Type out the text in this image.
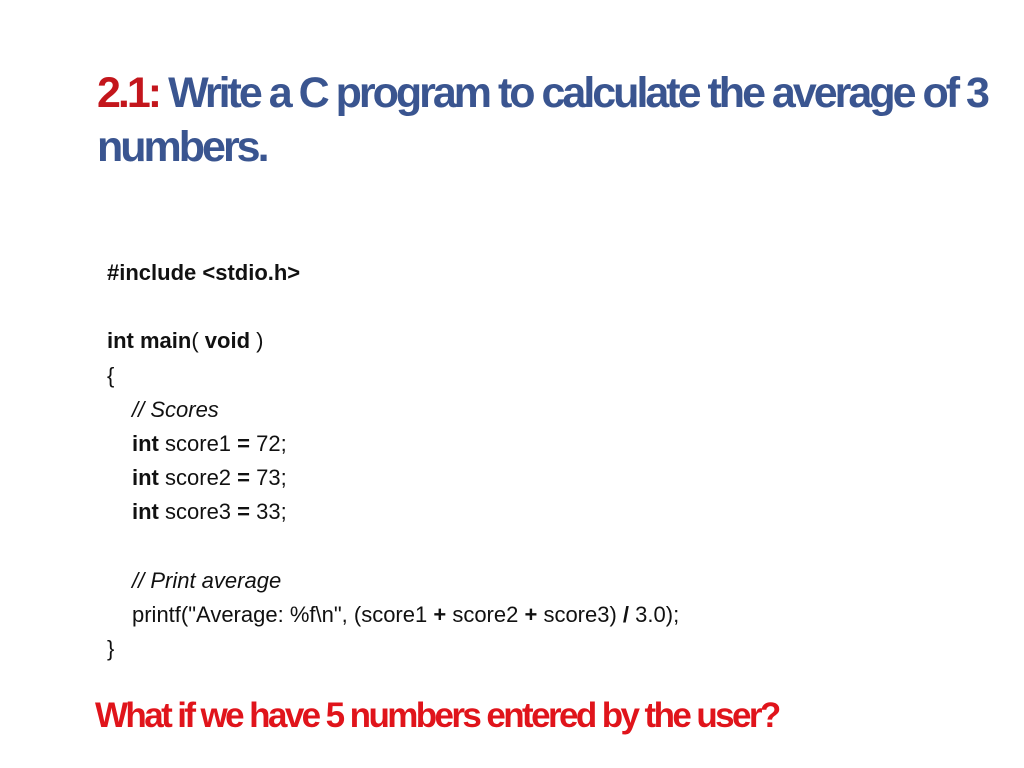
2.1: Write a C program to calculate the average of 3 numbers.
#include <stdio.h>

int main( void )
{
// Scores
int score1 = 72;
int score2 = 73;
int score3 = 33;

// Print average
printf("Average: %f\n", (score1 + score2 + score3) / 3.0);
}

What if we have 5 numbers entered by the user?
